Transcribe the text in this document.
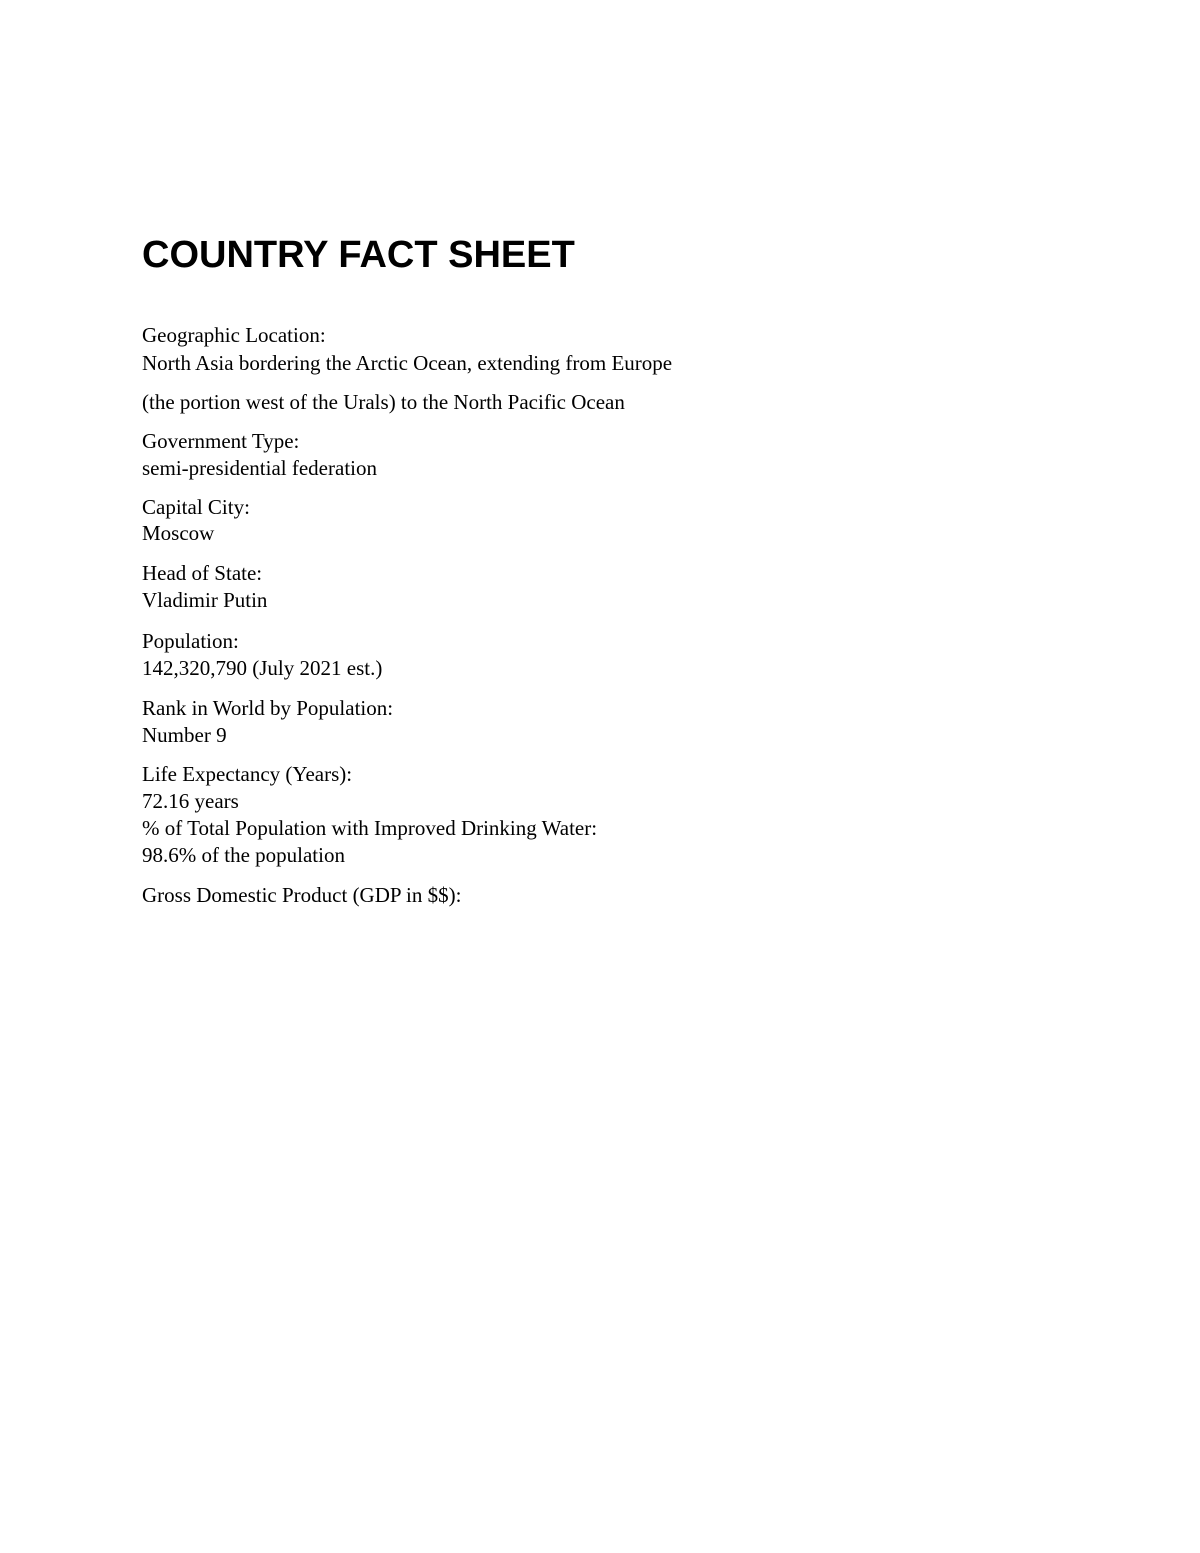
COUNTRY FACT SHEET
Geographic Location:
North Asia bordering the Arctic Ocean, extending from Europe
(the portion west of the Urals) to the North Pacific Ocean
Government Type:
semi-presidential federation
Capital City:
Moscow
Head of State:
Vladimir Putin
Population:
142,320,790 (July 2021 est.)
Rank in World by Population:
Number 9
Life Expectancy (Years):
72.16 years
% of Total Population with Improved Drinking Water:
98.6% of the population
Gross Domestic Product (GDP in $$):
